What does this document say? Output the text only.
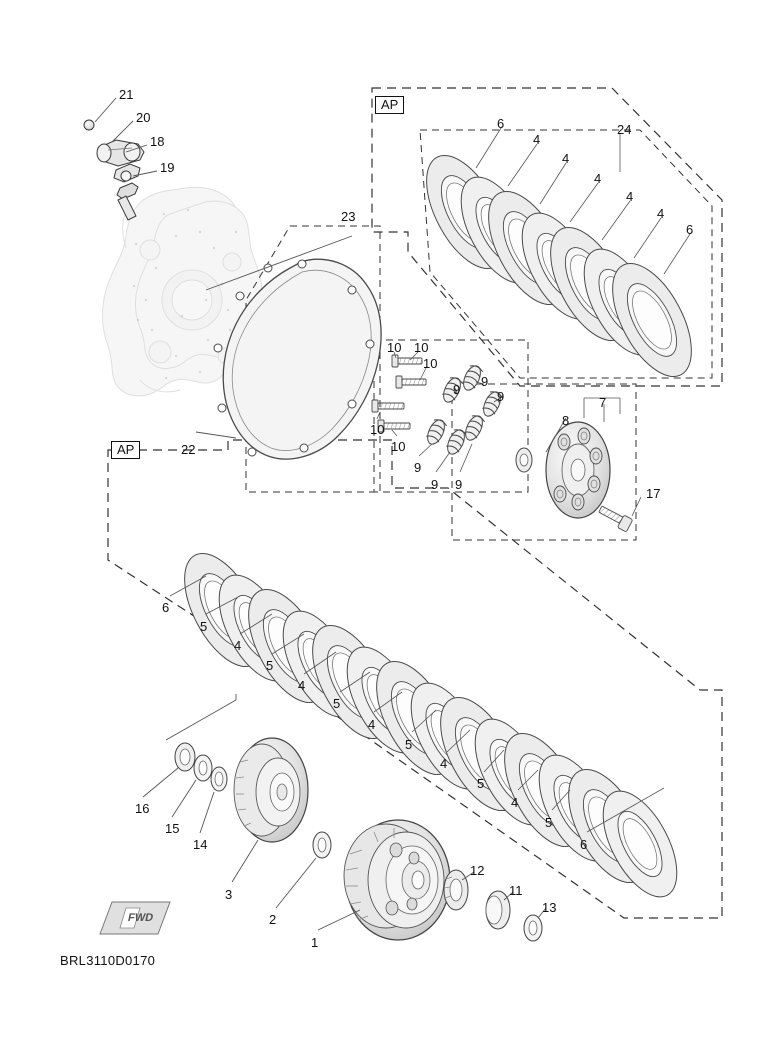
21
20
18
19
23
22
6
4
4
24
4
4
4
6
10 10
10
9
9
9
10
10
9
9 9
8
7
17
6
5
4
5
4
5
4
5
4
5
4
5
6
16
15
14
3
2
1
12
11
13
AP
AP
FWD
BRL3110D0170
